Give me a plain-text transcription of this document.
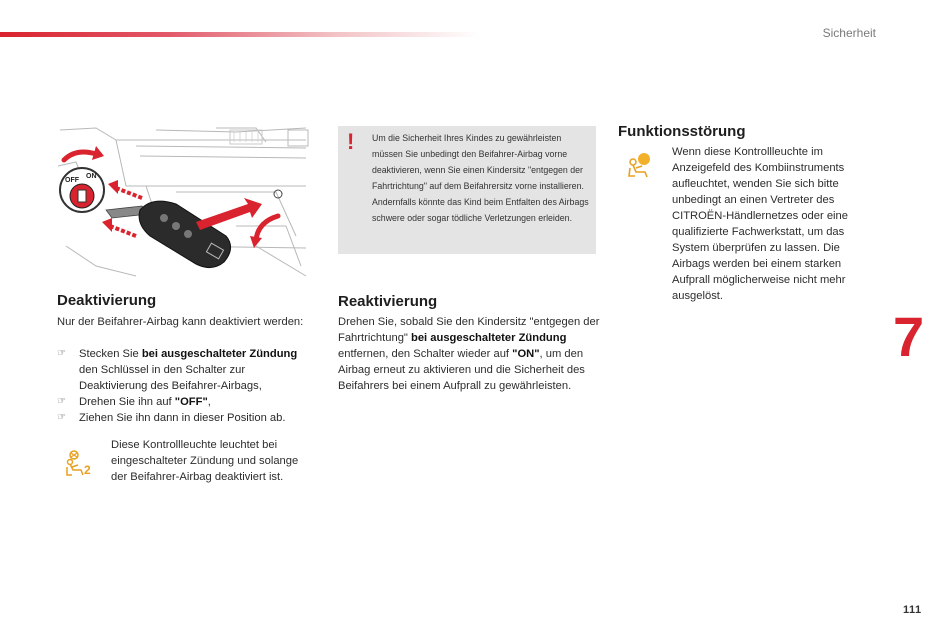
Sicherheit
OFF
ON
! Um die Sicherheit Ihres Kindes zu gewährleisten müssen Sie unbedingt den Beifahrer-Airbag vorne deaktivieren, wenn Sie einen Kindersitz "entgegen der Fahrtrichtung" auf dem Beifahrersitz vorne installieren. Andernfalls könnte das Kind beim Entfalten des Airbags schwere oder sogar tödliche Verletzungen erleiden.
Funktionsstörung
Wenn diese Kontrollleuchte im Anzeigefeld des Kombiinstruments aufleuchtet, wenden Sie sich bitte unbedingt an einen Vertreter des CITROËN-Händlernetzes oder eine qualifizierte Fachwerkstatt, um das System überprüfen zu lassen. Die Airbags werden bei einem starken Aufprall möglicherweise nicht mehr ausgelöst.
Deaktivierung
Nur der Beifahrer-Airbag kann deaktiviert werden:
☞ Stecken Sie bei ausgeschalteter Zündung den Schlüssel in den Schalter zur Deaktivierung des Beifahrer-Airbags,
☞ Drehen Sie ihn auf "OFF",
☞ Ziehen Sie ihn dann in dieser Position ab.
2
Diese Kontrollleuchte leuchtet bei eingeschalteter Zündung und solange der Beifahrer-Airbag deaktiviert ist.
Reaktivierung
Drehen Sie, sobald Sie den Kindersitz "entgegen der Fahrtrichtung" bei ausgeschalteter Zündung entfernen, den Schalter wieder auf "ON", um den Airbag erneut zu aktivieren und die Sicherheit des Beifahrers bei einem Aufprall zu gewährleisten.
7
111
